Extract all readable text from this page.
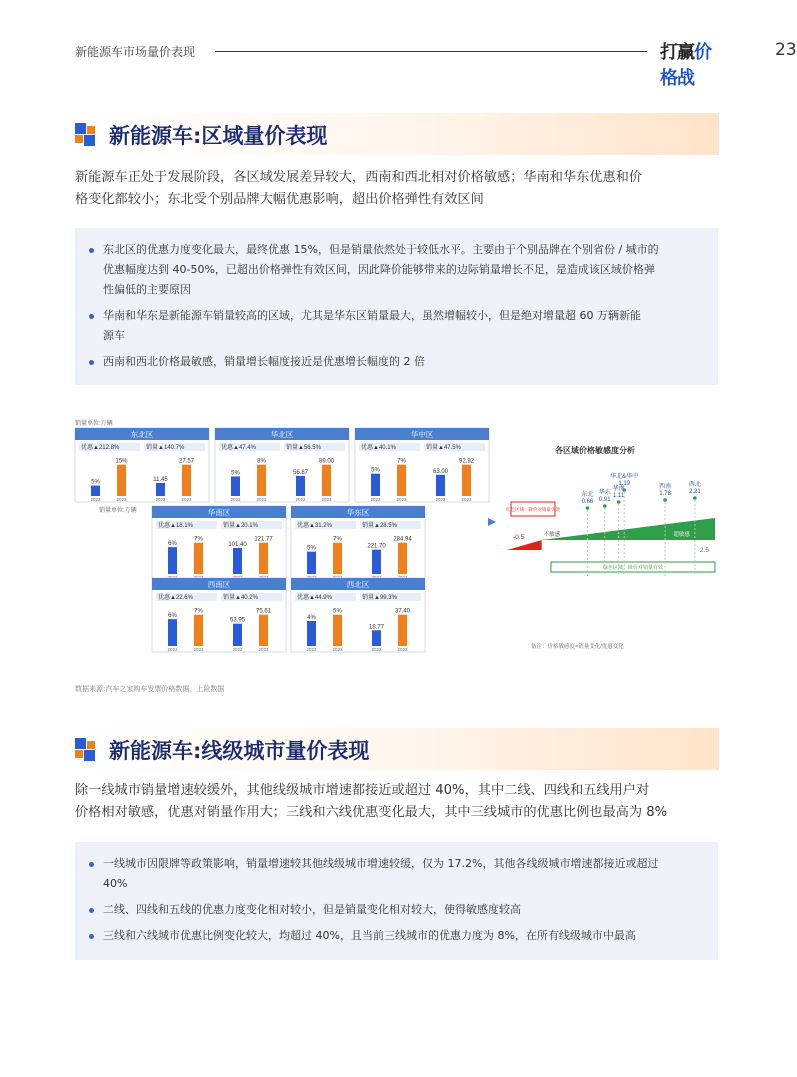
新能源车市场量价表现	打赢价格战
23
新能源车:区域量价表现
新能源车正处于发展阶段，各区域发展差异较大，西南和西北相对价格敏感；华南和华东优惠和价
格变化都较小；东北受个别品牌大幅优惠影响，超出价格弹性有效区间
东北区的优惠力度变化最大，最终优惠 15%，但是销量依然处于较低水平。主要由于个别品牌在个别省份 / 城市的
优惠幅度达到 40-50%，已超出价格弹性有效区间，因此降价能够带来的边际销量增长不足，是造成该区域价格弹
性偏低的主要原因
华南和华东是新能源车销量较高的区域，尤其是华东区销量最大，虽然增幅较小，但是绝对增量超 60 万辆新能
源车
西南和西北价格最敏感，销量增长幅度接近是优惠增长幅度的 2 倍
销量单位:万辆
销量单位:万辆
东北区
优惠▲212.8%	销量▲140.7%
5%
2022
15%
2023
11.45
2022
27.57
2023
华北区
优惠▲47.4%	销量▲56.5%
5%
2022
8%
2023
56.87
2022
89.00
2023
华中区
优惠▲40.1%	销量▲47.5%
5%
2022
7%
2023
63.00
2022
92.92
2023
华南区
优惠▲18.1%	销量▲20.1%
6%
7%
101.40
121.77
华东区
优惠▲31.2%	销量▲28.5%
5%
7%
221.70
284.94
西南区
优惠▲22.6%	销量▲40.2%
6%
2022
7%
2023
53.95
2022
75.61
2023
西北区
优惠▲44.9%	销量▲99.3%
4%
2022
5%
2023
18.77
2022
37.40
2023
各区域价格敏感度分析
-0.5
2.5
不敏感	超敏感
红色区域：降价对销量失效
绿色区域：降价对销量有效
东北
0.66
华东
0.91
华北&华中
1.19
华南
1.11
西南
1.78
西北
2.21
备注：价格敏感度=销量变化/优惠变化
数据来源:汽车之家购车发票价格数据、上险数据
新能源车:线级城市量价表现
除一线城市销量增速较缓外，其他线级城市增速都接近或超过 40%，其中二线、四线和五线用户对
价格相对敏感，优惠对销量作用大；三线和六线优惠变化最大，其中三线城市的优惠比例也最高为 8%
一线城市因限牌等政策影响，销量增速较其他线级城市增速较缓，仅为 17.2%，其他各线级城市增速都接近或超过
40%
二线、四线和五线的优惠力度变化相对较小，但是销量变化相对较大，使得敏感度较高
三线和六线城市优惠比例变化较大，均超过 40%，且当前三线城市的优惠力度为 8%，在所有线级城市中最高
